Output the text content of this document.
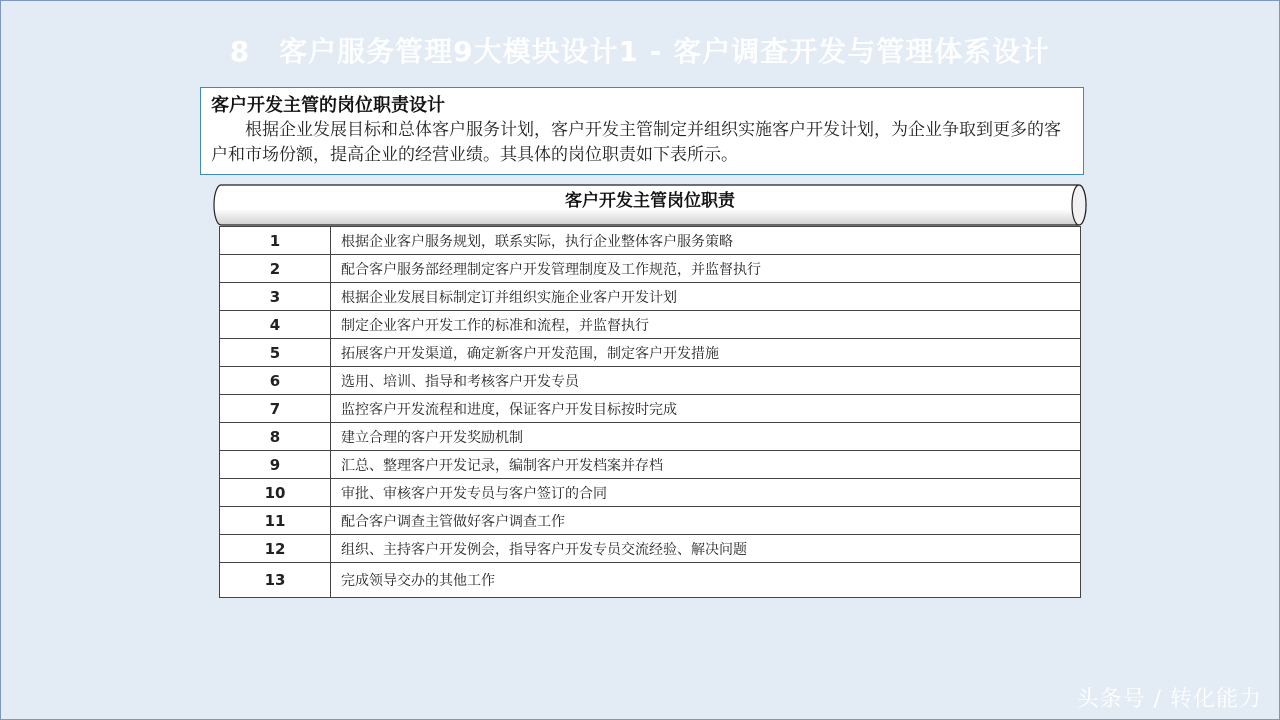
8　客户服务管理9大模块设计1 - 客户调查开发与管理体系设计
客户开发主管的岗位职责设计

根据企业发展目标和总体客户服务计划，客户开发主管制定并组织实施客户开发计划，为企业争取到更多的客户和市场份额，提高企业的经营业绩。其具体的岗位职责如下表所示。

客户开发主管岗位职责
1	根据企业客户服务规划，联系实际，执行企业整体客户服务策略
2	配合客户服务部经理制定客户开发管理制度及工作规范，并监督执行
3	根据企业发展目标制定订并组织实施企业客户开发计划
4	制定企业客户开发工作的标准和流程，并监督执行
5	拓展客户开发渠道，确定新客户开发范围，制定客户开发措施
6	选用、培训、指导和考核客户开发专员
7	监控客户开发流程和进度，保证客户开发目标按时完成
8	建立合理的客户开发奖励机制
9	汇总、整理客户开发记录，编制客户开发档案并存档
10	审批、审核客户开发专员与客户签订的合同
11	配合客户调查主管做好客户调查工作
12	组织、主持客户开发例会，指导客户开发专员交流经验、解决问题
13	完成领导交办的其他工作
头条号 / 转化能力
